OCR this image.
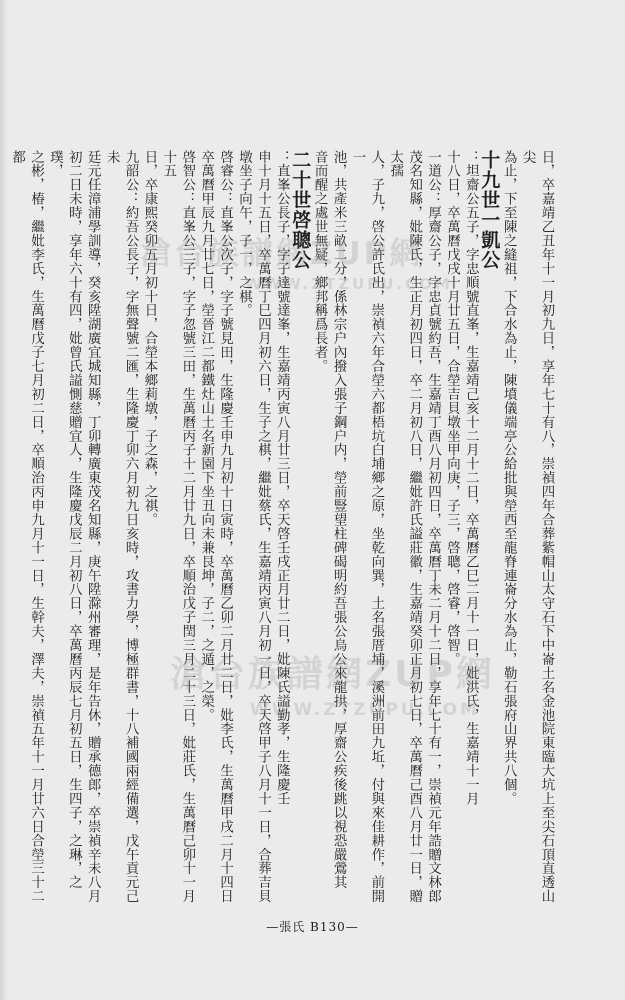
日，卒嘉靖乙丑年十一月初九日，享年七十有八，崇禎四年合葬紫帽山太守石下中崙土名金池院東臨大坑上至尖石頂直透山尖

為止，下至陳之縫祖，下合水為止，陳墳儀端亭公給批與塋西至龍脊連崙分水為止，勒石張府山界共八個。

十九世一凱公

：坦齋公五子，字忠順號直峯，生嘉靖己亥十二月十二日，卒萬曆乙巳二月十一日，妣洪氏，生嘉靖十一月

十八日，卒萬曆戊戌十月廿五日，合塋吉貝墩坐甲向庚，子三，啓聰，啓睿，啓智。

一道公：厚齋公子，字忠貞號約吾，生嘉靖丁酉八月初四日，卒萬曆丁未二月十二日，享年七十有一，崇禎元年誥贈文林郎

茂名知縣，妣陳氏，生正月初四日，卒二月初八日，繼妣許氏謚莊徽，生嘉靖癸卯正月初七日，卒萬曆己酉八月廿一日，贈太孺

人，子九，啓公許氏出，崇禎六年合塋六都梧坑白埔鄉之原，坐乾向巽，土名張厝埔，溪洲前田九坵，付與來佳耕作，前開一

池，共產米三畝二分，係林宗户內撥入張子鋼户内，塋前豎望柱碑碣明約吾張公烏公來龍拱，厚齋公疾後跳以視恐嚴鶯其

音而醒之處世無疑，鄉邦稱爲長者。

二十世啓聰公

：直峯公長子，字子達號達峯，生嘉靖丙寅八月廿三日，卒天啓壬戌正月廿二日，妣陳氏謚勤孝，生隆慶壬

申十月十五日，卒萬曆丁巳四月初六日，生子之棋，繼妣蔡氏，生嘉靖丙寅八月初一日，卒天啓甲子八月十一日，合葬吉貝墩坐子向午，子一，之棋。

啓睿公：直峯公次子，字子號見田，生隆慶壬申九月初十日寅時，卒萬曆乙卯二月廿二日，妣李氏，生萬曆甲戌二月十四日

卒萬曆甲辰九月廿七日，塋晉江二都鐵灶山土名新園下坐丑向未兼艮坤，子二，之遁，之榮。

啓智公：直峯公三子，字子忽號三田，生萬曆丙子十二月廿九日，卒順治戊子閏三月二十三日，妣莊氏，生萬曆己卯十一月十五

日，卒康熙癸卯五月初十日，合塋本鄉莉墩，子之森，之祺。

九韶公：約吾公長子，字無聲號二匯，生隆慶丁卯六月初九日亥時，攻書力學，博極群書，十八補國兩經備選，戊午貢元己未

廷元任漳浦學訓導，癸亥陞湖廣宜城知縣，丁卯轉廣東茂名知縣，庚午陞滁州審理，是年告休，贈承德郎，卒崇禎辛未八月

初二日未時，享年六十有四，妣曾氏謚惻慈贈宜人，生隆慶戊辰二月初八日，卒萬曆丙辰七月初五日，生四子，之琳，之璞，

之彬，椿，繼妣李氏，生萬曆戊子七月初二日，卒順治丙申九月十一日，生幹夫，澤夫，崇禎五年十一月廿六日合塋三十二都

滄台族譜網ZUP網
WWW.ZTZUPU.COM
滄台族譜網ZUP網
WWW.ZTZUPU.COM
—張氏 B130—
